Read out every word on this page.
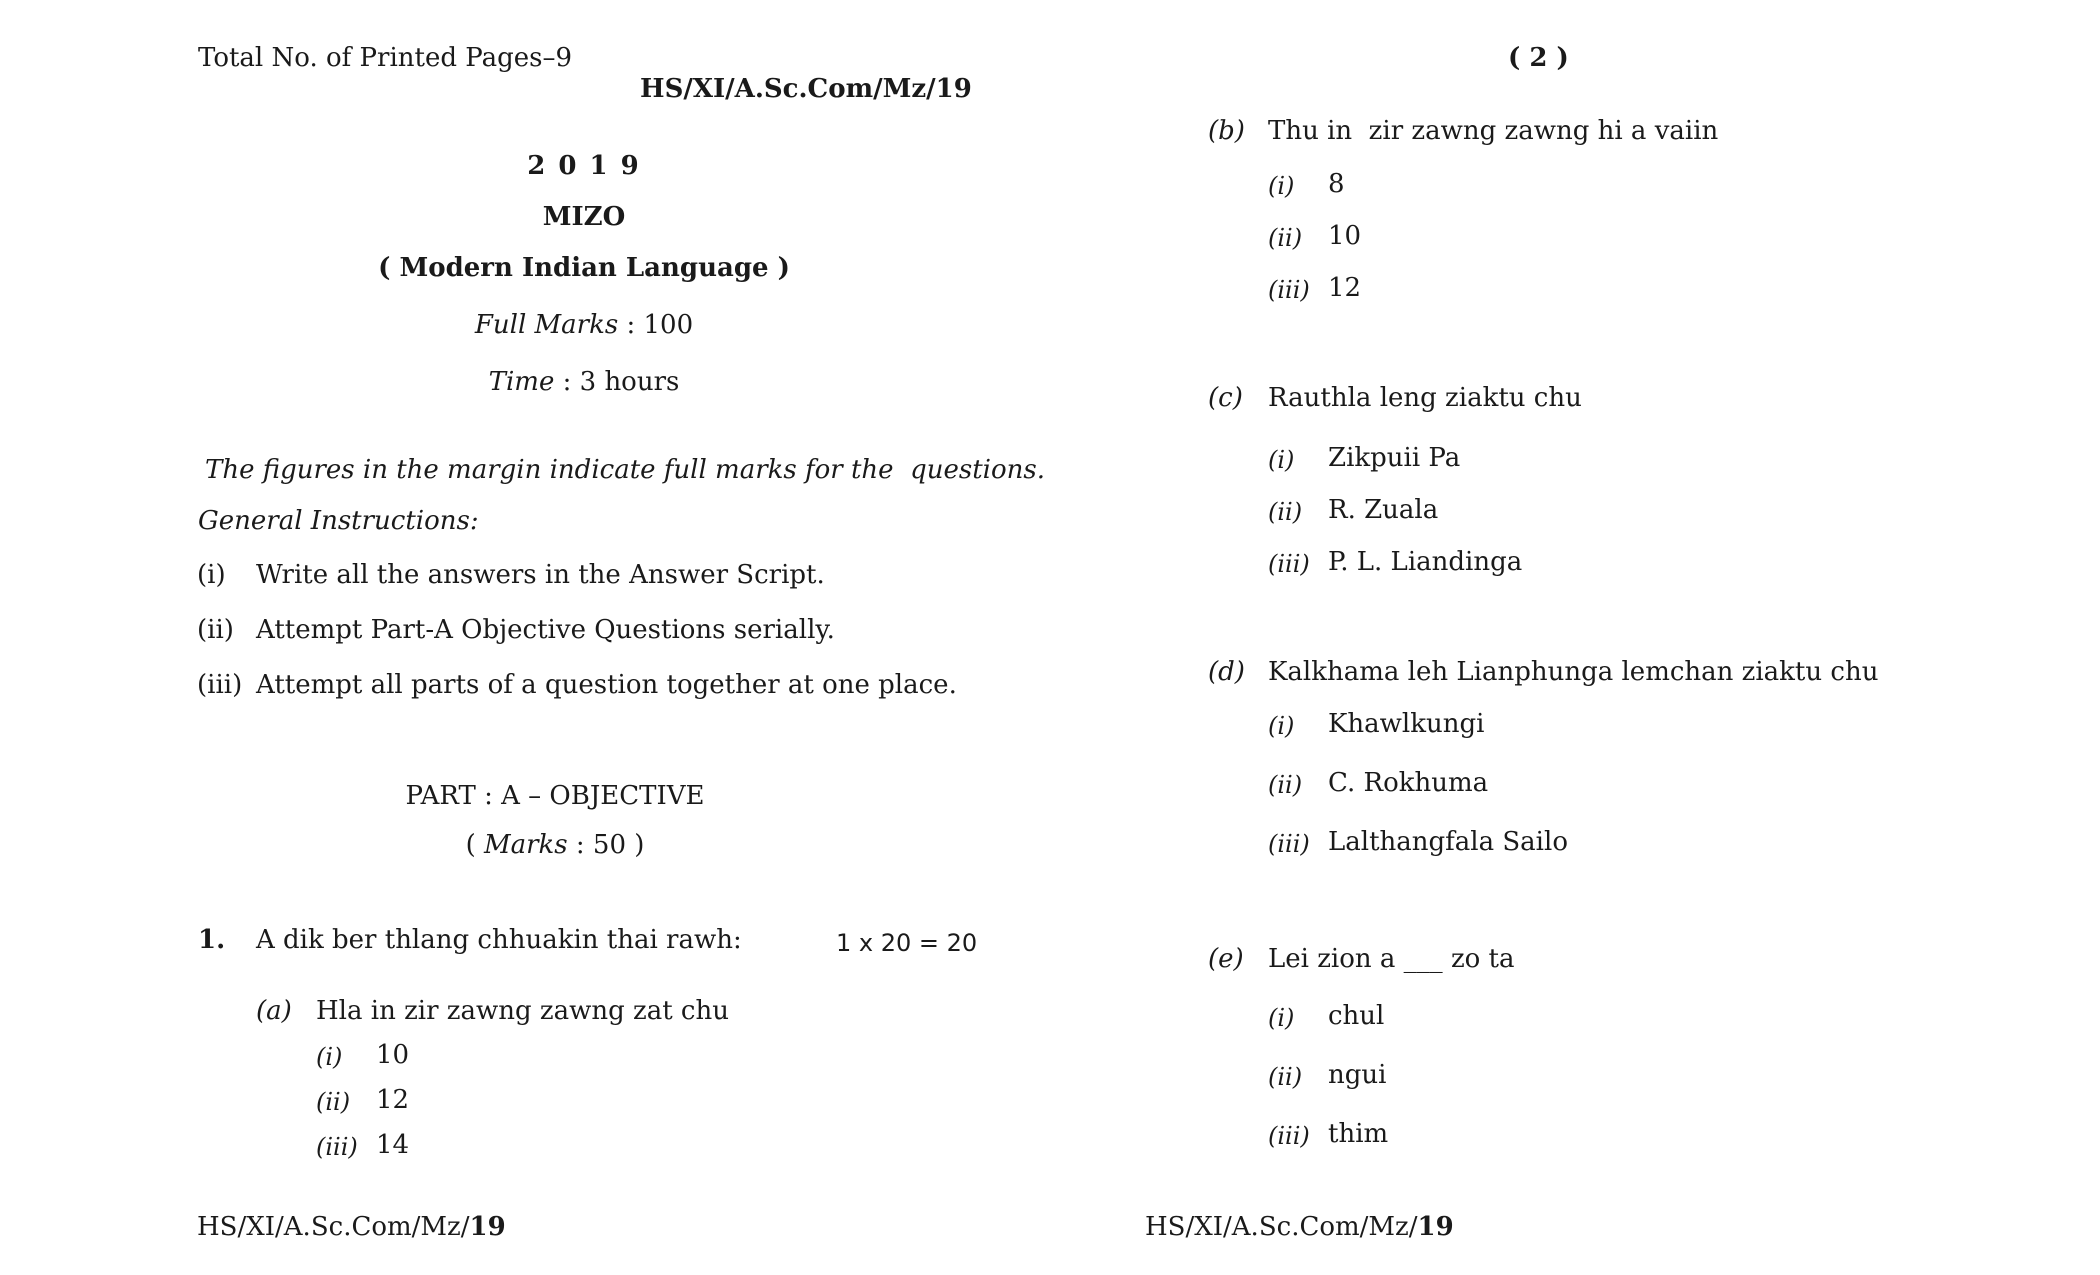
Total No. of Printed Pages–9
HS/XI/A.Sc.Com/Mz/19
2 0 1 9
MIZO
( Modern Indian Language )
Full Marks : 100
Time : 3 hours
The figures in the margin indicate full marks for the  questions.
General Instructions:
(i) Write all the answers in the Answer Script.
(ii) Attempt Part-A Objective Questions serially.
(iii) Attempt all parts of a question together at one place.
PART : A – OBJECTIVE
( Marks : 50 )
1. A dik ber thlang chhuakin thai rawh:	1 x 20 = 20
(a) Hla in zir zawng zawng zat chu
(i) 10
(ii) 12
(iii) 14
HS/XI/A.Sc.Com/Mz/19
( 2 )
(b) Thu in  zir zawng zawng hi a vaiin
(i) 8
(ii) 10
(iii) 12
(c) Rauthla leng ziaktu chu
(i) Zikpuii Pa
(ii) R. Zuala
(iii) P. L. Liandinga
(d) Kalkhama leh Lianphunga lemchan ziaktu chu
(i) Khawlkungi
(ii) C. Rokhuma
(iii) Lalthangfala Sailo
(e) Lei zion a ___ zo ta
(i) chul
(ii) ngui
(iii) thim
HS/XI/A.Sc.Com/Mz/19
